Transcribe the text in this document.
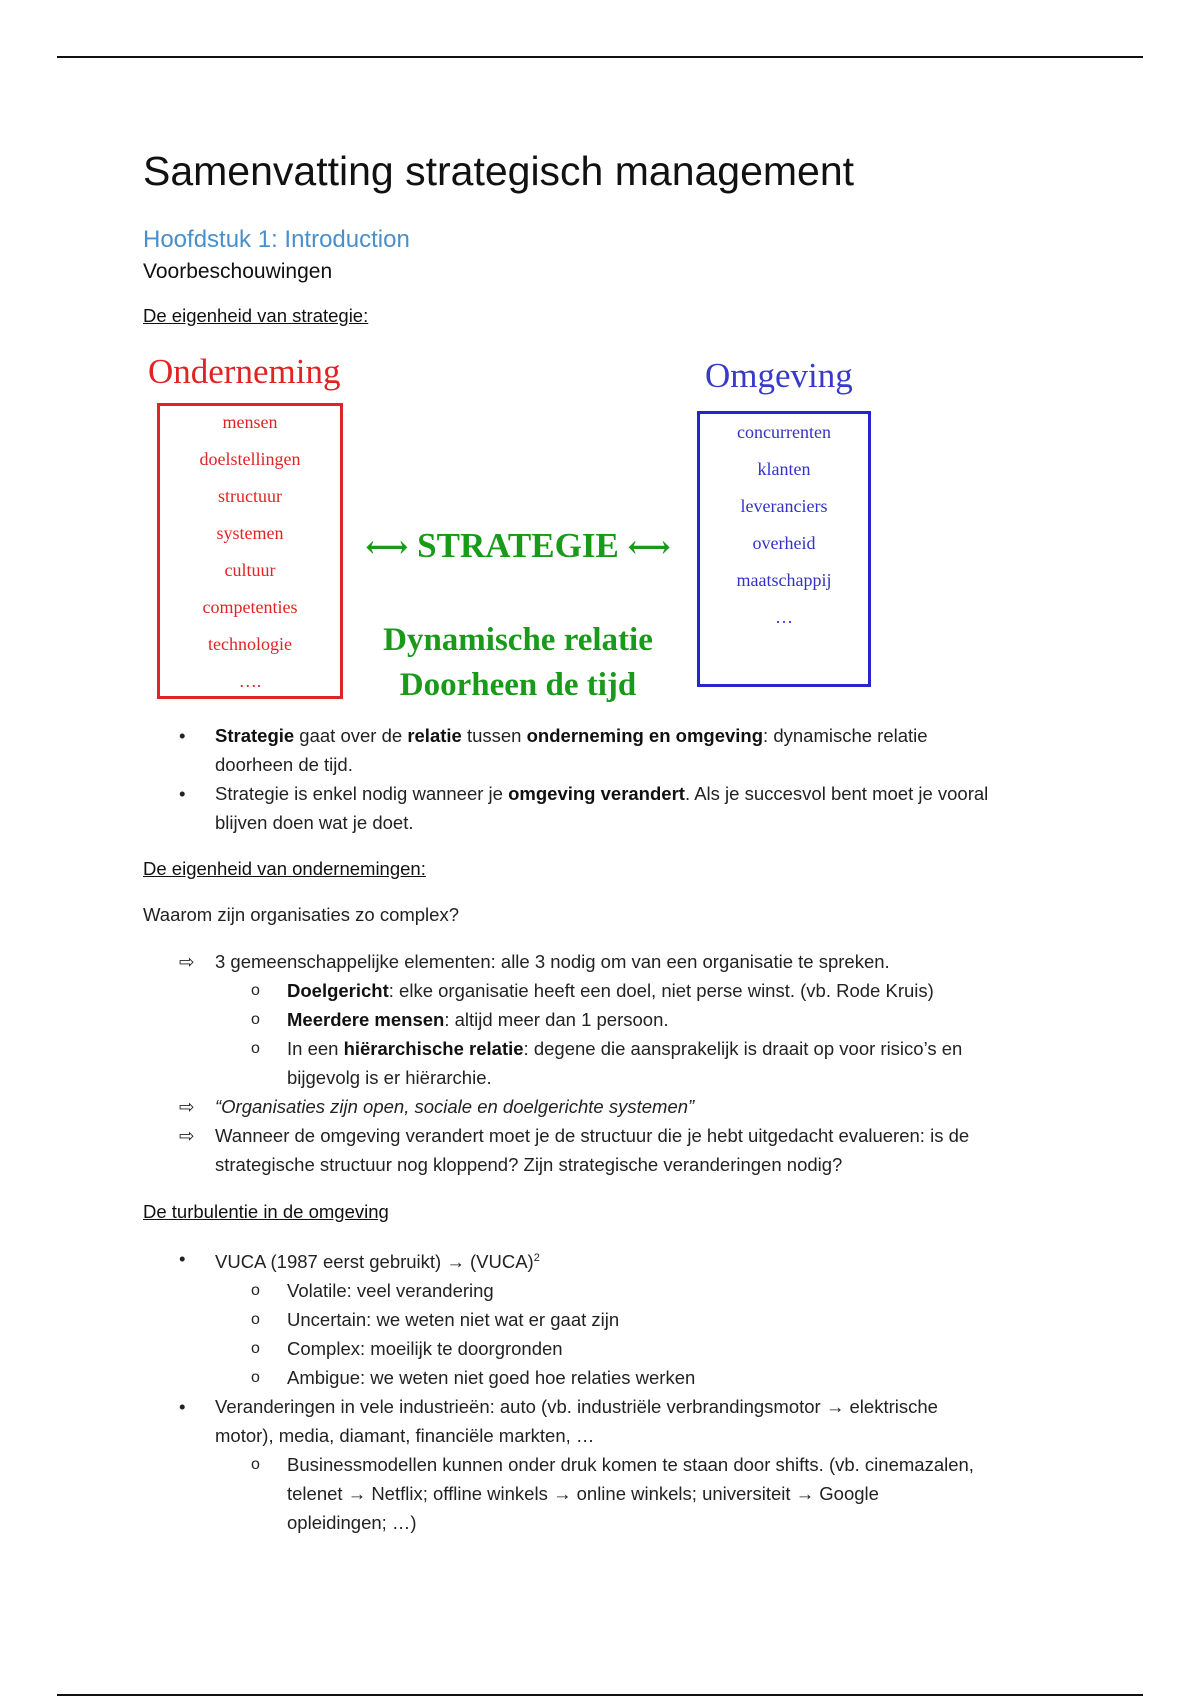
Samenvatting strategisch management
Hoofdstuk 1: Introduction
Voorbeschouwingen
De eigenheid van strategie:
Onderneming
mensen
doelstellingen
structuur
systemen
cultuur
competenties
technologie
….
⟷ STRATEGIE ⟷
Dynamische relatie
Doorheen de tijd
Omgeving
concurrenten
klanten
leveranciers
overheid
maatschappij
…
• Strategie gaat over de relatie tussen onderneming en omgeving: dynamische relatie
doorheen de tijd.
• Strategie is enkel nodig wanneer je omgeving verandert. Als je succesvol bent moet je vooral
blijven doen wat je doet.
De eigenheid van ondernemingen:
Waarom zijn organisaties zo complex?
⇨ 3 gemeenschappelijke elementen: alle 3 nodig om van een organisatie te spreken.
o Doelgericht: elke organisatie heeft een doel, niet perse winst. (vb. Rode Kruis)
o Meerdere mensen: altijd meer dan 1 persoon.
o In een hiërarchische relatie: degene die aansprakelijk is draait op voor risico’s en
bijgevolg is er hiërarchie.
⇨ “Organisaties zijn open, sociale en doelgerichte systemen”
⇨ Wanneer de omgeving verandert moet je de structuur die je hebt uitgedacht evalueren: is de
strategische structuur nog kloppend? Zijn strategische veranderingen nodig?
De turbulentie in de omgeving
• VUCA (1987 eerst gebruikt) → (VUCA)$^2$
o Volatile: veel verandering
o Uncertain: we weten niet wat er gaat zijn
o Complex: moeilijk te doorgronden
o Ambigue: we weten niet goed hoe relaties werken
• Veranderingen in vele industrieën: auto (vb. industriële verbrandingsmotor → elektrische
motor), media, diamant, financiële markten, …
o Businessmodellen kunnen onder druk komen te staan door shifts. (vb. cinemazalen,
telenet → Netflix; offline winkels → online winkels; universiteit → Google
opleidingen; …)
